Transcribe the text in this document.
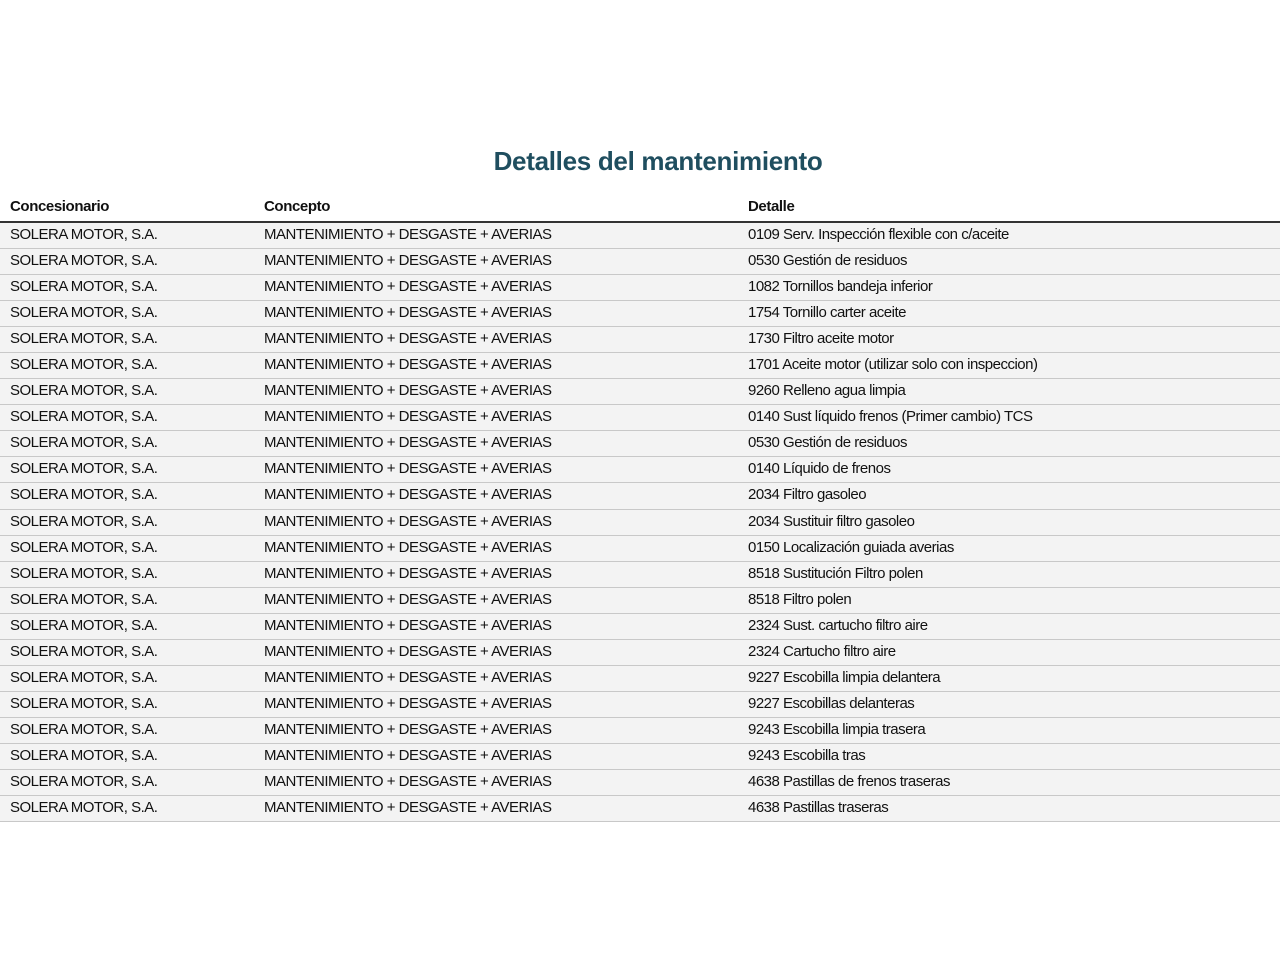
Detalles del mantenimiento
Concesionario	Concepto	Detalle
SOLERA MOTOR, S.A.	MANTENIMIENTO + DESGASTE + AVERIAS	0109 Serv. Inspección flexible con c/aceite
SOLERA MOTOR, S.A.	MANTENIMIENTO + DESGASTE + AVERIAS	0530 Gestión de residuos
SOLERA MOTOR, S.A.	MANTENIMIENTO + DESGASTE + AVERIAS	1082 Tornillos bandeja inferior
SOLERA MOTOR, S.A.	MANTENIMIENTO + DESGASTE + AVERIAS	1754 Tornillo carter aceite
SOLERA MOTOR, S.A.	MANTENIMIENTO + DESGASTE + AVERIAS	1730 Filtro aceite motor
SOLERA MOTOR, S.A.	MANTENIMIENTO + DESGASTE + AVERIAS	1701 Aceite motor (utilizar solo con inspeccion)
SOLERA MOTOR, S.A.	MANTENIMIENTO + DESGASTE + AVERIAS	9260 Relleno agua limpia
SOLERA MOTOR, S.A.	MANTENIMIENTO + DESGASTE + AVERIAS	0140 Sust líquido frenos (Primer cambio) TCS
SOLERA MOTOR, S.A.	MANTENIMIENTO + DESGASTE + AVERIAS	0530 Gestión de residuos
SOLERA MOTOR, S.A.	MANTENIMIENTO + DESGASTE + AVERIAS	0140 Líquido de frenos
SOLERA MOTOR, S.A.	MANTENIMIENTO + DESGASTE + AVERIAS	2034 Filtro gasoleo
SOLERA MOTOR, S.A.	MANTENIMIENTO + DESGASTE + AVERIAS	2034 Sustituir filtro gasoleo
SOLERA MOTOR, S.A.	MANTENIMIENTO + DESGASTE + AVERIAS	0150 Localización guiada averias
SOLERA MOTOR, S.A.	MANTENIMIENTO + DESGASTE + AVERIAS	8518 Sustitución Filtro polen
SOLERA MOTOR, S.A.	MANTENIMIENTO + DESGASTE + AVERIAS	8518 Filtro polen
SOLERA MOTOR, S.A.	MANTENIMIENTO + DESGASTE + AVERIAS	2324 Sust. cartucho filtro aire
SOLERA MOTOR, S.A.	MANTENIMIENTO + DESGASTE + AVERIAS	2324 Cartucho filtro aire
SOLERA MOTOR, S.A.	MANTENIMIENTO + DESGASTE + AVERIAS	9227 Escobilla limpia delantera
SOLERA MOTOR, S.A.	MANTENIMIENTO + DESGASTE + AVERIAS	9227 Escobillas delanteras
SOLERA MOTOR, S.A.	MANTENIMIENTO + DESGASTE + AVERIAS	9243 Escobilla limpia trasera
SOLERA MOTOR, S.A.	MANTENIMIENTO + DESGASTE + AVERIAS	9243 Escobilla tras
SOLERA MOTOR, S.A.	MANTENIMIENTO + DESGASTE + AVERIAS	4638 Pastillas de frenos traseras
SOLERA MOTOR, S.A.	MANTENIMIENTO + DESGASTE + AVERIAS	4638 Pastillas traseras
